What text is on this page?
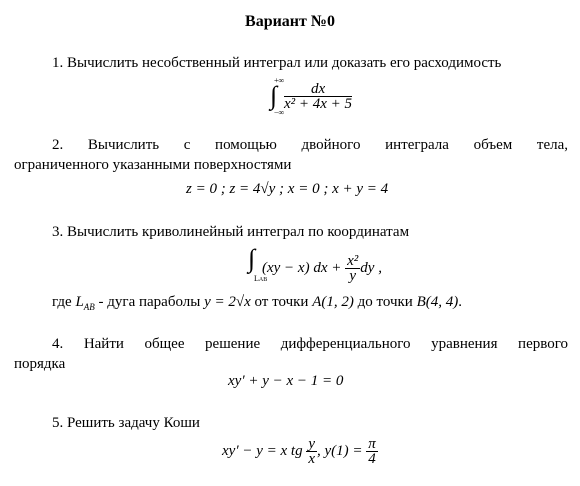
Вариант №0
1. Вычислить несобственный интеграл или доказать его расходимость
+∞
∫
−∞
$\frac{dx}{\text{x² + 4x + 5}}$
2. Вычислить с помощью двойного интеграла объем тела,
ограниченного указанными поверхностями
z = 0 ; z = 4√y ; x = 0 ; x + y = 4
3. Вычислить криволинейный интеграл по координатам
∫
LAB
(xy − x) dx + $\frac{\text{x²}}{y}$ dy ,
где $L_{AB}$ - дуга параболы y = 2√x от точки A(1, 2) до точки B(4, 4).
4. Найти общее решение дифференциального уравнения первого
порядка
xy′ + y − x − 1 = 0
5. Решить задачу Коши
xy′ − y = x tg $\frac{y}{x}$ , $y(1) = \frac{\pi}{4}$
